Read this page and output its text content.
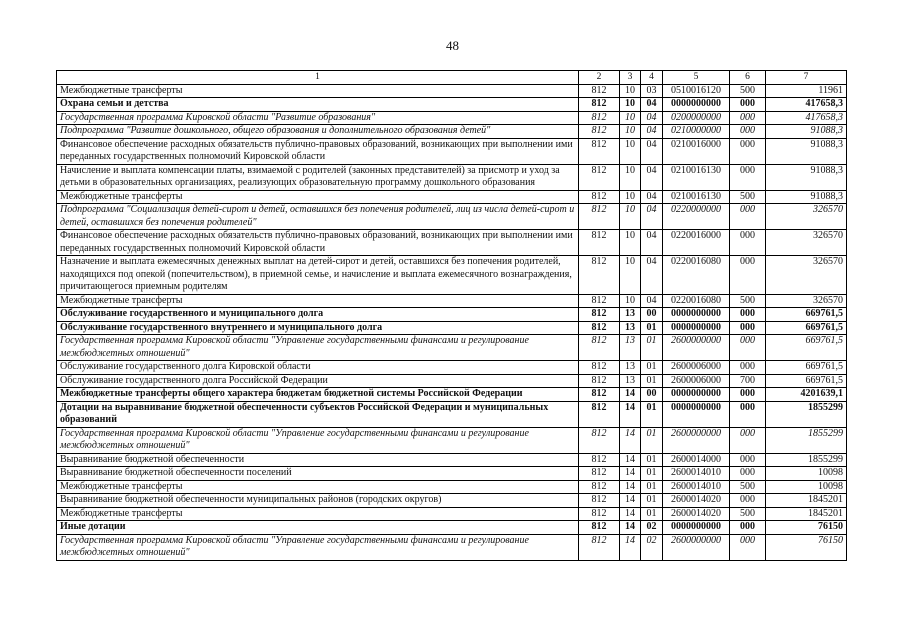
48
1	2	3	4	5	6	7
Межбюджетные трансферты	812	10	03	0510016120	500	11961
Охрана семьи и детства	812	10	04	0000000000	000	417658,3
Государственная программа Кировской области "Развитие образования"	812	10	04	0200000000	000	417658,3
Подпрограмма "Развитие дошкольного, общего образования и дополнительного образования детей"	812	10	04	0210000000	000	91088,3
Финансовое обеспечение расходных обязательств публично-правовых образований, возникающих при выполнении ими переданных государственных полномочий Кировской области	812	10	04	0210016000	000	91088,3
Начисление и выплата компенсации платы, взимаемой с родителей (законных представителей) за присмотр и уход за детьми в образовательных организациях, реализующих образовательную программу дошкольного образования	812	10	04	0210016130	000	91088,3
Межбюджетные трансферты	812	10	04	0210016130	500	91088,3
Подпрограмма "Социализация детей-сирот и детей, оставшихся без попечения родителей, лиц из числа детей-сирот и детей, оставшихся без попечения родителей"	812	10	04	0220000000	000	326570
Финансовое обеспечение расходных обязательств публично-правовых образований, возникающих при выполнении ими переданных государственных полномочий Кировской области	812	10	04	0220016000	000	326570
Назначение и выплата ежемесячных денежных выплат на детей-сирот и детей, оставшихся без попечения родителей, находящихся под опекой (попечительством), в приемной семье, и начисление и выплата ежемесячного вознаграждения, причитающегося приемным родителям	812	10	04	0220016080	000	326570
Межбюджетные трансферты	812	10	04	0220016080	500	326570
Обслуживание государственного и муниципального долга	812	13	00	0000000000	000	669761,5
Обслуживание государственного внутреннего и муниципального долга	812	13	01	0000000000	000	669761,5
Государственная программа Кировской области "Управление государственными финансами и регулирование межбюджетных отношений"	812	13	01	2600000000	000	669761,5
Обслуживание государственного долга Кировской области	812	13	01	2600006000	000	669761,5
Обслуживание государственного долга Российской Федерации	812	13	01	2600006000	700	669761,5
Межбюджетные трансферты общего характера бюджетам бюджетной системы Российской Федерации	812	14	00	0000000000	000	4201639,1
Дотации на выравнивание бюджетной обеспеченности субъектов Российской Федерации и муниципальных образований	812	14	01	0000000000	000	1855299
Государственная программа Кировской области "Управление государственными финансами и регулирование межбюджетных отношений"	812	14	01	2600000000	000	1855299
Выравнивание бюджетной обеспеченности	812	14	01	2600014000	000	1855299
Выравнивание бюджетной обеспеченности поселений	812	14	01	2600014010	000	10098
Межбюджетные трансферты	812	14	01	2600014010	500	10098
Выравнивание бюджетной обеспеченности муниципальных районов (городских округов)	812	14	01	2600014020	000	1845201
Межбюджетные трансферты	812	14	01	2600014020	500	1845201
Иные дотации	812	14	02	0000000000	000	76150
Государственная программа Кировской области "Управление государственными финансами и регулирование межбюджетных отношений"	812	14	02	2600000000	000	76150
